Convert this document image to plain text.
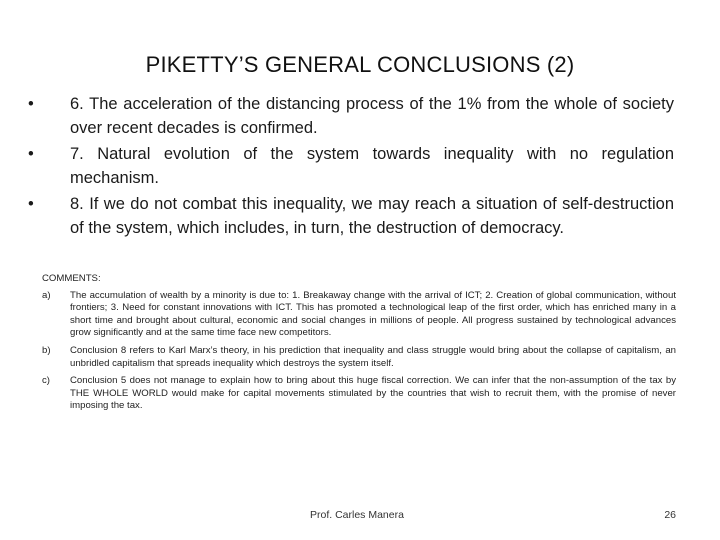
PIKETTY’S GENERAL CONCLUSIONS (2)
•	6. The acceleration of the distancing process of the 1% from the whole of society over recent decades is confirmed.
•	7. Natural evolution of the system towards inequality with no regulation mechanism.
•	8. If we do not combat this inequality, we may reach a situation of self-destruction of the system, which includes, in turn, the destruction of democracy.
COMMENTS:
a) The accumulation of wealth by a minority is due to: 1. Breakaway change with the arrival of ICT; 2. Creation of global communication, without frontiers; 3. Need for constant innovations with ICT. This has promoted a technological leap of the first order, which has enriched many in a short time and brought about cultural, economic and social changes in millions of people. All progress sustained by technological advances grow significantly and at the same time face new competitors.
b) Conclusion 8 refers to Karl Marx’s theory, in his prediction that inequality and class struggle would bring about the collapse of capitalism, an unbridled capitalism that spreads inequality which destroys the system itself.
c) Conclusion 5 does not manage to explain how to bring about this huge fiscal correction. We can infer that the non-assumption of the tax by THE WHOLE WORLD would make for capital movements stimulated by the countries that wish to recruit them, with the promise of never imposing the tax.
Prof. Carles Manera	26
